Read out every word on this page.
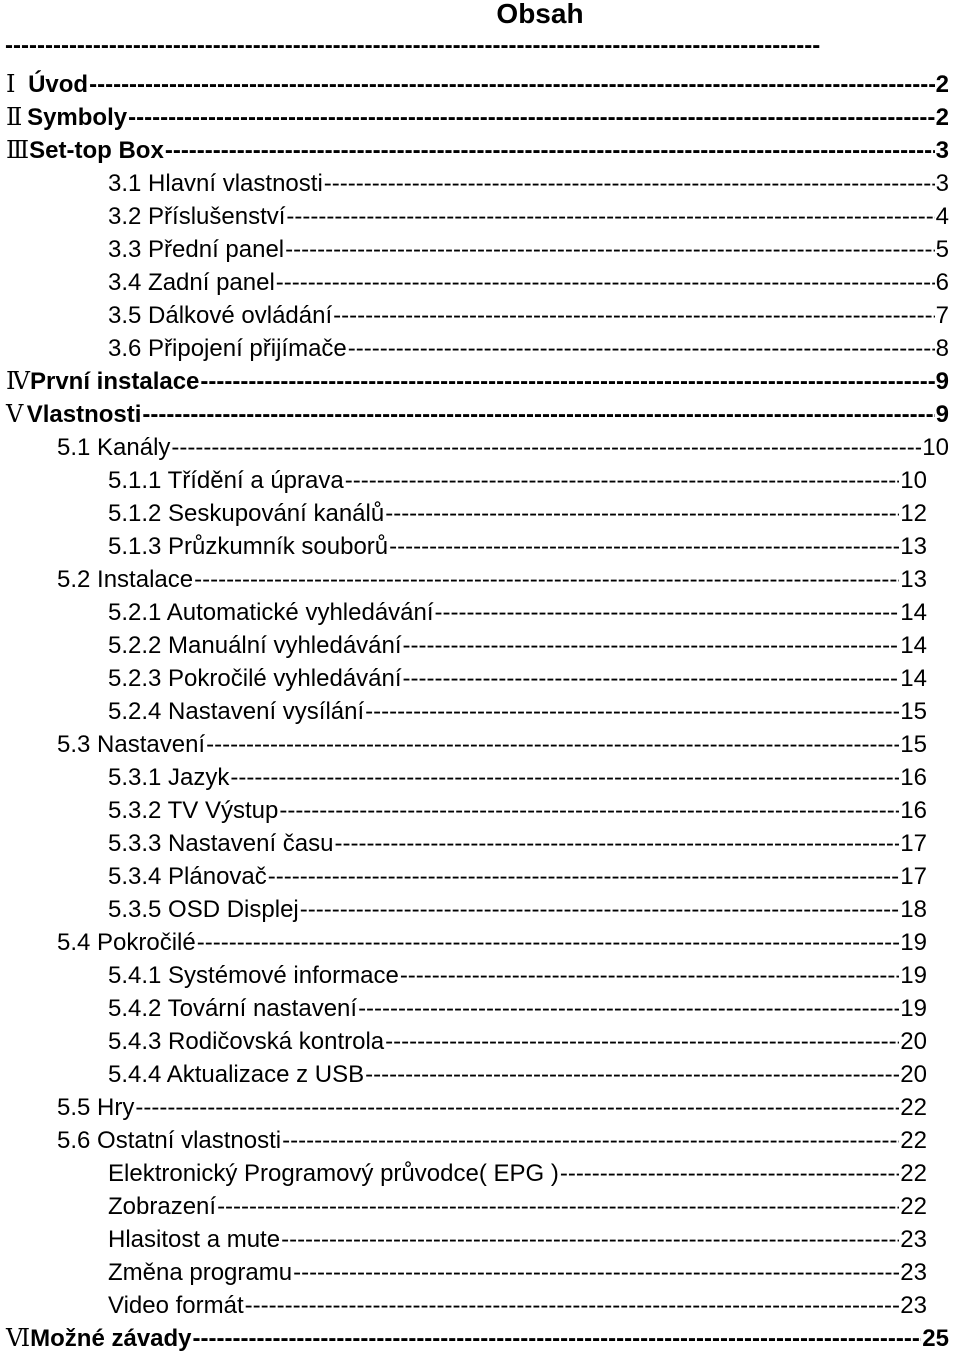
Obsah
------------------------------------------------------------------------------------------------------
Ⅰ Úvod -----	2
Ⅱ Symboly -----	2
Ⅲ Set-top Box -----	3
3.1 Hlavní vlastnosti -----	3
3.2 Příslušenství -----	4
3.3 Přední panel -----	5
3.4 Zadní panel -----	6
3.5 Dálkové ovládání -----	7
3.6 Připojení přijímače -----	8
Ⅳ První instalace -----	9
Ⅴ Vlastnosti -----	9
5.1 Kanály -----	10
5.1.1 Třídění a úprava -----	10
5.1.2 Seskupování kanálů -----	12
5.1.3 Průzkumník souborů -----	13
5.2 Instalace -----	13
5.2.1 Automatické vyhledávání -----	14
5.2.2 Manuální vyhledávání -----	14
5.2.3 Pokročilé vyhledávání -----	14
5.2.4 Nastavení vysílání -----	15
5.3 Nastavení -----	15
5.3.1 Jazyk -----	16
5.3.2 TV Výstup -----	16
5.3.3 Nastavení času -----	17
5.3.4 Plánovač -----	17
5.3.5 OSD Displej -----	18
5.4 Pokročilé -----	19
5.4.1 Systémové informace -----	19
5.4.2 Tovární nastavení -----	19
5.4.3 Rodičovská kontrola -----	20
5.4.4 Aktualizace z USB -----	20
5.5 Hry -----	22
5.6 Ostatní vlastnosti -----	22
Elektronický Programový průvodce( EPG ) -----	22
Zobrazení -----	22
Hlasitost a mute -----	23
Změna programu -----	23
Video formát -----	23
Ⅵ Možné závady -----	25
